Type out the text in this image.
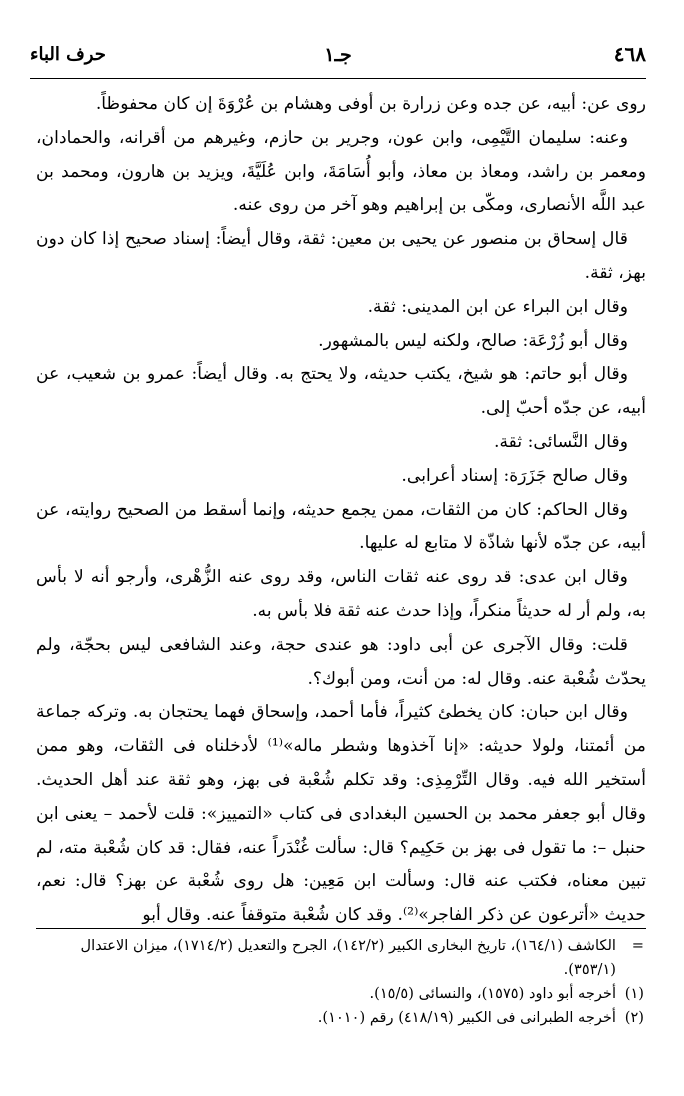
٤٦٨
جـ١
حرف الباء

روى عن: أبيه، عن جده وعن زرارة بن أوفى وهشام بن عُرْوَةَ إن كان محفوظاً.

وعنه: سليمان التَّيْمِى، وابن عون، وجرير بن حازم، وغيرهم من أقرانه، والحمادان، ومعمر بن راشد، ومعاذ بن معاذ، وأبو أُسَامَةَ، وابن عُلَيَّةَ، ويزيد بن هارون، ومحمد بن عبد اللَّه الأنصارى، ومكّى بن إبراهيم وهو آخر من روى عنه.

قال إسحاق بن منصور عن يحيى بن معين: ثقة، وقال أيضاً: إسناد صحيح إذا كان دون بهز، ثقة.

وقال ابن البراء عن ابن المدينى: ثقة.

وقال أبو زُرْعَة: صالح، ولكنه ليس بالمشهور.

وقال أبو حاتم: هو شيخ، يكتب حديثه، ولا يحتج به. وقال أيضاً: عمرو بن شعيب، عن أبيه، عن جدّه أحبّ إلى.

وقال النَّسائى: ثقة.

وقال صالح جَزَرَة: إسناد أعرابى.

وقال الحاكم: كان من الثقات، ممن يجمع حديثه، وإنما أسقط من الصحيح روايته، عن أبيه، عن جدّه لأنها شاذّة لا متابع له عليها.

وقال ابن عدى: قد روى عنه ثقات الناس، وقد روى عنه الزُّهْرى، وأرجو أنه لا بأس به، ولم أر له حديثاً منكراً، وإذا حدث عنه ثقة فلا بأس به.

قلت: وقال الآجرى عن أبى داود: هو عندى حجة، وعند الشافعى ليس بحجّة، ولم يحدّث شُعْبة عنه. وقال له: من أنت، ومن أبوك؟.

وقال ابن حبان: كان يخطئ كثيراً، فأما أحمد، وإسحاق فهما يحتجان به. وتركه جماعة من أئمتنا، ولولا حديثه: «إنا آخذوها وشطر ماله»⁽¹⁾ لأدخلناه فى الثقات، وهو ممن أستخير الله فيه. وقال التِّرْمِذِى: وقد تكلم شُعْبة فى بهز، وهو ثقة عند أهل الحديث. وقال أبو جعفر محمد بن الحسين البغدادى فى كتاب «التمييز»: قلت لأحمد – يعنى ابن حنبل –: ما تقول فى بهز بن حَكِيم؟ قال: سألت غُنْدَراً عنه، فقال: قد كان شُعْبة مته، لم تبين معناه، فكتب عنه قال: وسألت ابن مَعِين: هل روى شُعْبة عن بهز؟ قال: نعم، حديث «أترعون عن ذكر الفاجر»⁽²⁾. وقد كان شُعْبة متوقفاً عنه. وقال أبو

=
الكاشف (١٦٤/١)، تاريخ البخارى الكبير (١٤٢/٢)، الجرح والتعديل (١٧١٤/٢)، ميزان الاعتدال (٣٥٣/١).

(١)
أخرجه أبو داود (١٥٧٥)، والنسائى (١٥/٥).

(٢)
أخرجه الطبرانى فى الكبير (٤١٨/١٩) رقم (١٠١٠).
